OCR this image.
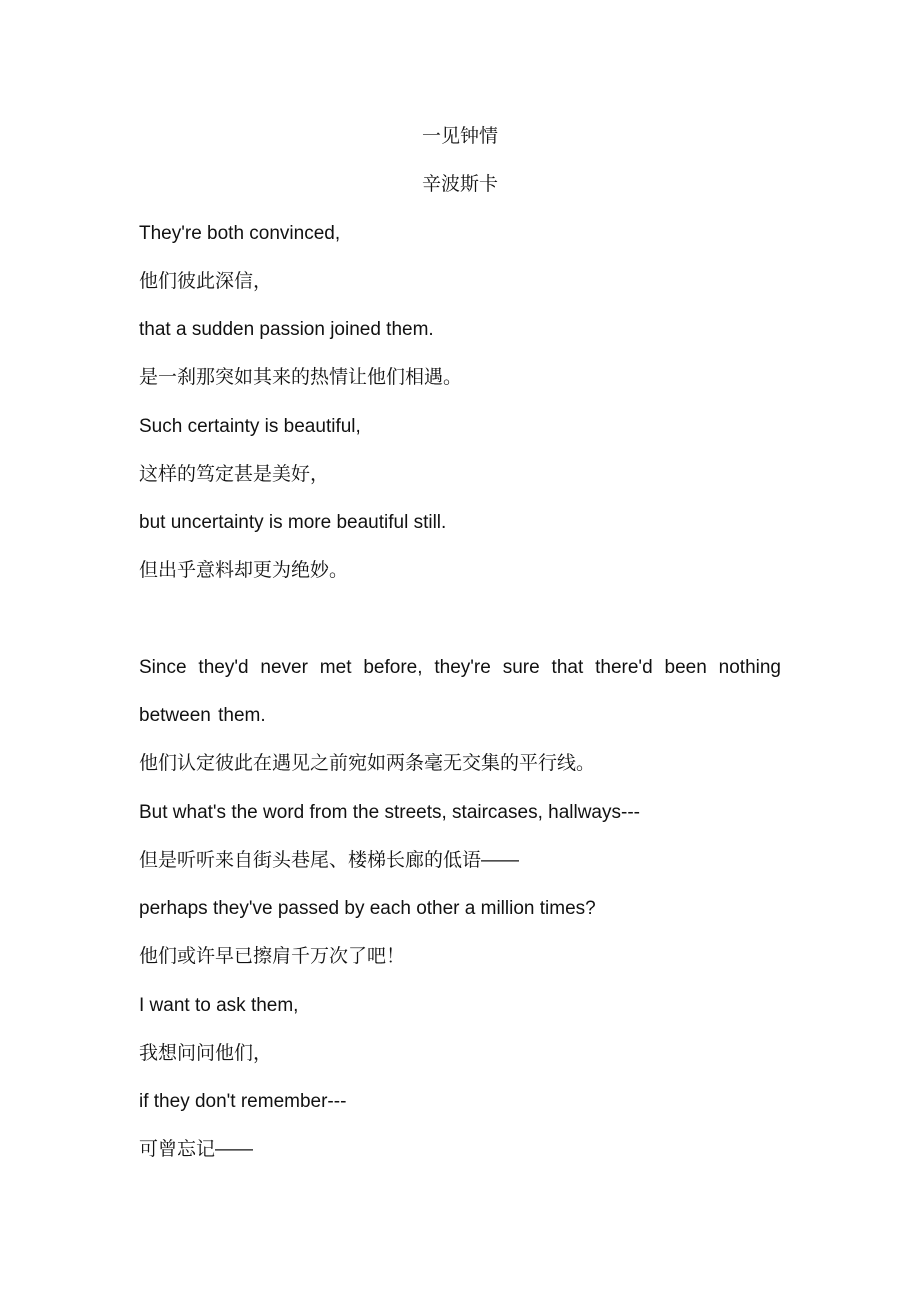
一见钟情

辛波斯卡

They're both convinced,

他们彼此深信，

that a sudden passion joined them.

是一刹那突如其来的热情让他们相遇。

Such certainty is beautiful,

这样的笃定甚是美好，

but uncertainty is more beautiful still.

但出乎意料却更为绝妙。

Since they'd never met before, they're sure that there'd been nothing between them.

他们认定彼此在遇见之前宛如两条毫无交集的平行线。

But what's the word from the streets, staircases, hallways---

但是听听来自街头巷尾、楼梯长廊的低语——

perhaps they've passed by each other a million times?

他们或许早已擦肩千万次了吧！

I want to ask them,

我想问问他们，

if they don't remember---

可曾忘记——
